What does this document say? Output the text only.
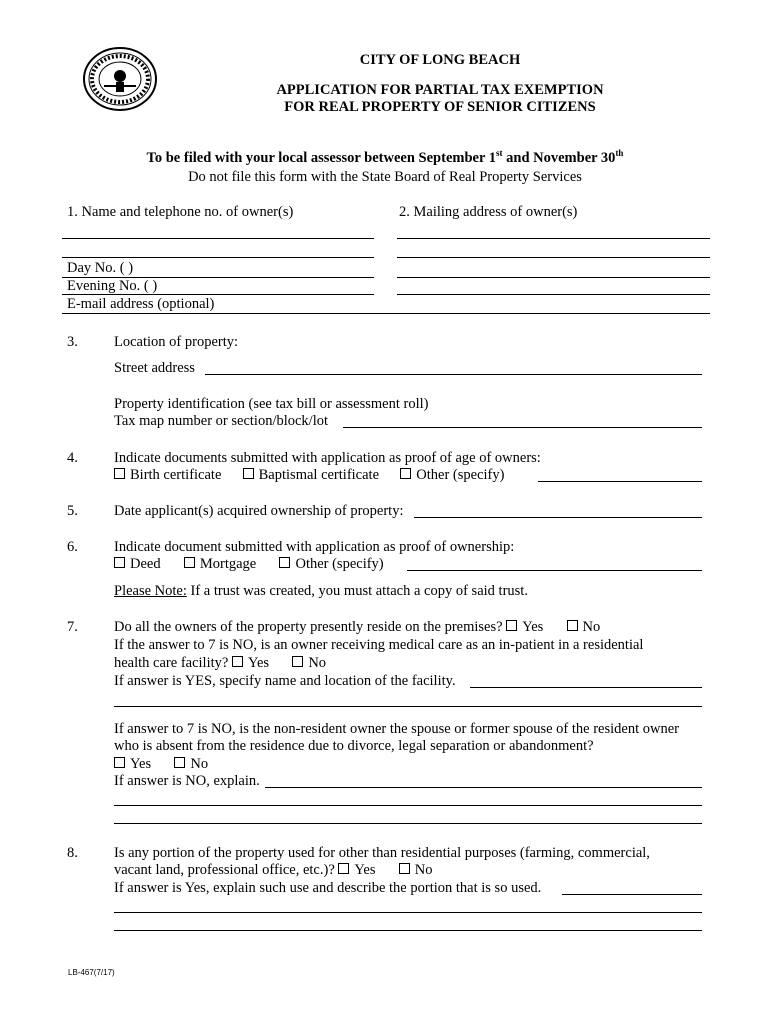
CITY OF LONG BEACH
APPLICATION FOR PARTIAL TAX EXEMPTION
FOR REAL PROPERTY OF SENIOR CITIZENS
To be filed with your local assessor between September 1st and November 30th
Do not file this form with the State Board of Real Property Services
1. Name and telephone no. of owner(s)	2. Mailing address of owner(s)
Day No. ( )
Evening No. ( )
E-mail address (optional)
3. Location of property:
Street address
Property identification (see tax bill or assessment roll)
Tax map number or section/block/lot
4. Indicate documents submitted with application as proof of age of owners:
Birth certificate	Baptismal certificate	Other (specify)
5. Date applicant(s) acquired ownership of property:
6. Indicate document submitted with application as proof of ownership:
Deed	Mortgage	Other (specify)
Please Note: If a trust was created, you must attach a copy of said trust.
7. Do all the owners of the property presently reside on the premises? Yes	No
If the answer to 7 is NO, is an owner receiving medical care as an in-patient in a residential
health care facility? Yes	No
If answer is YES, specify name and location of the facility.
If answer to 7 is NO, is the non-resident owner the spouse or former spouse of the resident owner
who is absent from the residence due to divorce, legal separation or abandonment?
Yes	No
If answer is NO, explain.
8. Is any portion of the property used for other than residential purposes (farming, commercial,
vacant land, professional office, etc.)? Yes	No
If answer is Yes, explain such use and describe the portion that is so used.
LB-467(7/17)
